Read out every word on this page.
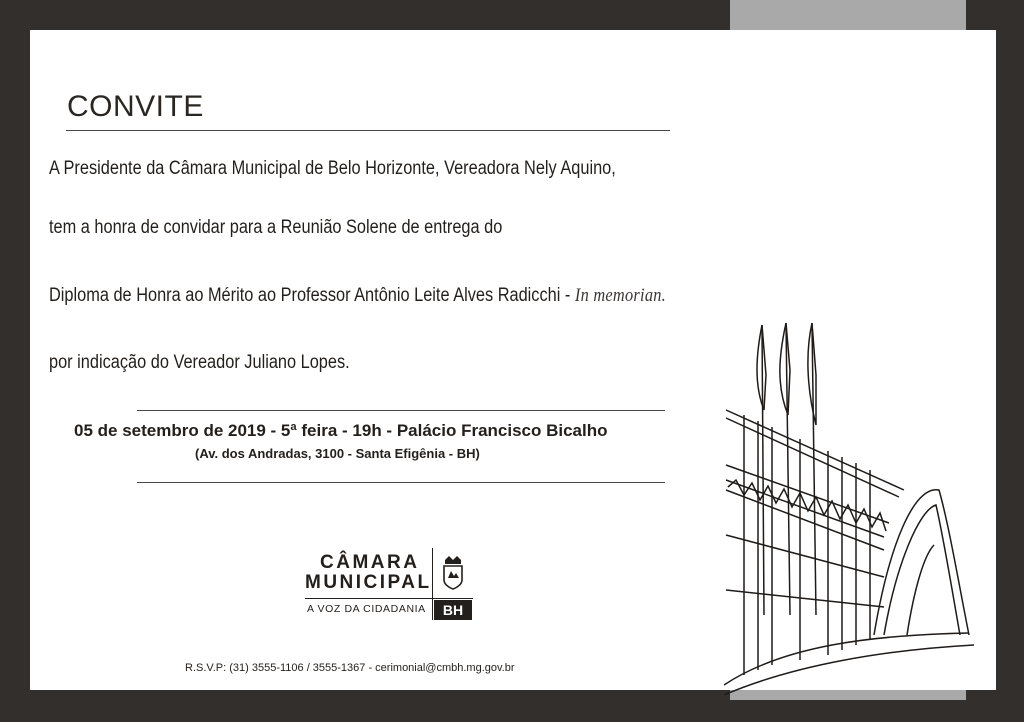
CONVITE

A Presidente da Câmara Municipal de Belo Horizonte, Vereadora Nely Aquino,

tem a honra de convidar para a Reunião Solene de entrega do

Diploma de Honra ao Mérito ao Professor Antônio Leite Alves Radicchi - In memorian.

por indicação do Vereador Juliano Lopes.

05 de setembro de 2019 - 5ª feira - 19h - Palácio Francisco Bicalho

(Av. dos Andradas, 3100 - Santa Efigênia - BH)

CÂMARA
MUNICIPAL
A VOZ DA CIDADANIA	BH

R.S.V.P: (31) 3555-1106 / 3555-1367 - cerimonial@cmbh.mg.gov.br
